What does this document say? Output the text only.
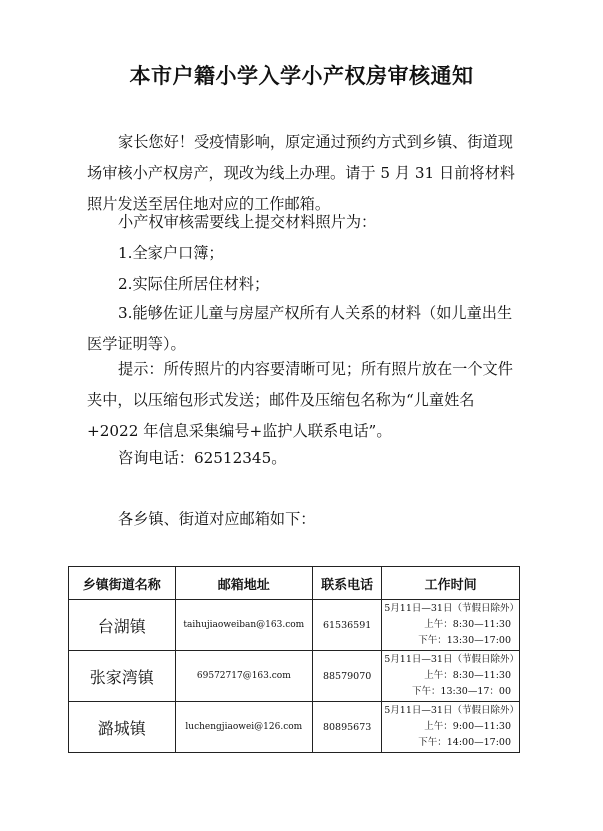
本市户籍小学入学小产权房审核通知
家长您好！受疫情影响，原定通过预约方式到乡镇、街道现场审核小产权房产，现改为线上办理。请于 5 月 31 日前将材料照片发送至居住地对应的工作邮箱。
小产权审核需要线上提交材料照片为：
1.全家户口簿；
2.实际住所居住材料；
3.能够佐证儿童与房屋产权所有人关系的材料（如儿童出生医学证明等）。
提示：所传照片的内容要清晰可见；所有照片放在一个文件夹中，以压缩包形式发送；邮件及压缩包名称为“儿童姓名+2022 年信息采集编号+监护人联系电话”。
咨询电话：62512345。
各乡镇、街道对应邮箱如下：
乡镇街道名称	邮箱地址	联系电话	工作时间
台湖镇	taihujiaoweiban@163.com	61536591	5月11日—31日（节假日除外）
上午：8:30—11:30
下午：13:30—17:00

张家湾镇	69572717@163.com	88579070	5月11日—31日（节假日除外）
上午：8:30—11:30
下午：13:30—17：00

潞城镇	luchengjiaowei@126.com	80895673	5月11日—31日（节假日除外）
上午：9:00—11:30
下午：14:00—17:00
